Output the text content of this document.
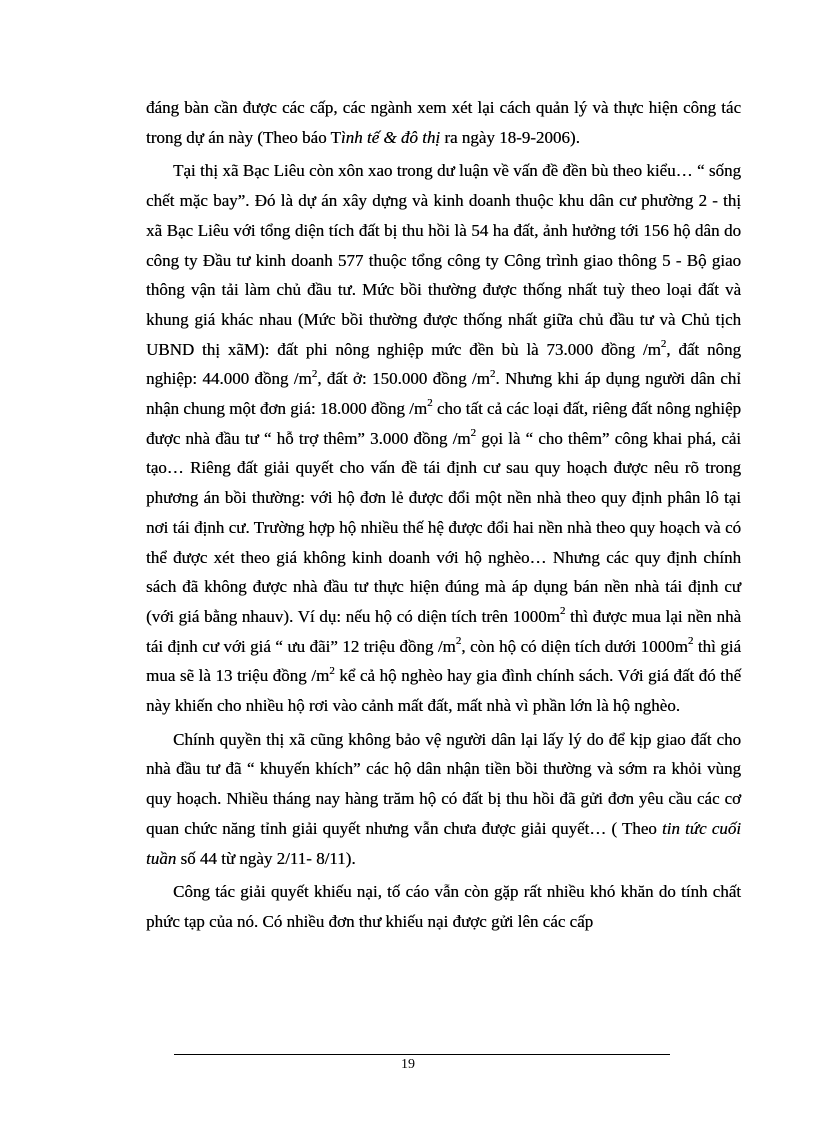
đáng bàn cần được các cấp, các ngành xem xét lại cách quản lý và thực hiện công tác trong dự án này (Theo báo Tình tế & đô thị ra ngày 18-9-2006).

Tại thị xã Bạc Liêu còn xôn xao trong dư luận về vấn đề đền bù theo kiểu… “ sống chết mặc bay”. Đó là dự án xây dựng và kinh doanh thuộc khu dân cư phường 2 - thị xã Bạc Liêu với tổng diện tích đất bị thu hồi là 54 ha đất, ảnh hưởng tới 156 hộ dân do công ty Đầu tư kinh doanh 577 thuộc tổng công ty Công trình giao thông 5 - Bộ giao thông vận tải làm chủ đầu tư. Mức bồi thường được thống nhất tuỳ theo loại đất và khung giá khác nhau (Mức bồi thường được thống nhất giữa chủ đầu tư và Chủ tịch UBND thị xãM): đất phi nông nghiệp mức đền bù là 73.000 đồng $/m^2$, đất nông nghiệp: 44.000 đồng $/m^2$, đất ở: 150.000 đồng $/m^2$. Nhưng khi áp dụng người dân chỉ nhận chung một đơn giá: 18.000 đồng $/m^2$ cho tất cả các loại đất, riêng đất nông nghiệp được nhà đầu tư “ hỗ trợ thêm” 3.000 đồng $/m^2$ gọi là “ cho thêm” công khai phá, cải tạo… Riêng đất giải quyết cho vấn đề tái định cư sau quy hoạch được nêu rõ trong phương án bồi thường: với hộ đơn lẻ được đổi một nền nhà theo quy định phân lô tại nơi tái định cư. Trường hợp hộ nhiều thế hệ được đổi hai nền nhà theo quy hoạch và có thể được xét theo giá không kinh doanh với hộ nghèo… Nhưng các quy định chính sách đã không được nhà đầu tư thực hiện đúng mà áp dụng bán nền nhà tái định cư (với giá bằng nhauv). Ví dụ: nếu hộ có diện tích trên $1000m^2$ thì được mua lại nền nhà tái định cư với giá “ ưu đãi” 12 triệu đồng $/m^2$, còn hộ có diện tích dưới $1000m^2$ thì giá mua sẽ là 13 triệu đồng $/m^2$ kể cả hộ nghèo hay gia đình chính sách. Với giá đất đó thế này khiến cho nhiều hộ rơi vào cảnh mất đất, mất nhà vì phần lớn là hộ nghèo.

Chính quyền thị xã cũng không bảo vệ người dân lại lấy lý do để kịp giao đất cho nhà đầu tư đã “ khuyến khích” các hộ dân nhận tiền bồi thường và sớm ra khỏi vùng quy hoạch. Nhiều tháng nay hàng trăm hộ có đất bị thu hồi đã gửi đơn yêu cầu các cơ quan chức năng tỉnh giải quyết nhưng vẫn chưa được giải quyết… ( Theo tin tức cuối tuần số 44 từ ngày 2/11- 8/11).

Công tác giải quyết khiếu nại, tố cáo vẫn còn gặp rất nhiều khó khăn do tính chất phức tạp của nó. Có nhiều đơn thư khiếu nại được gửi lên các cấp

19
